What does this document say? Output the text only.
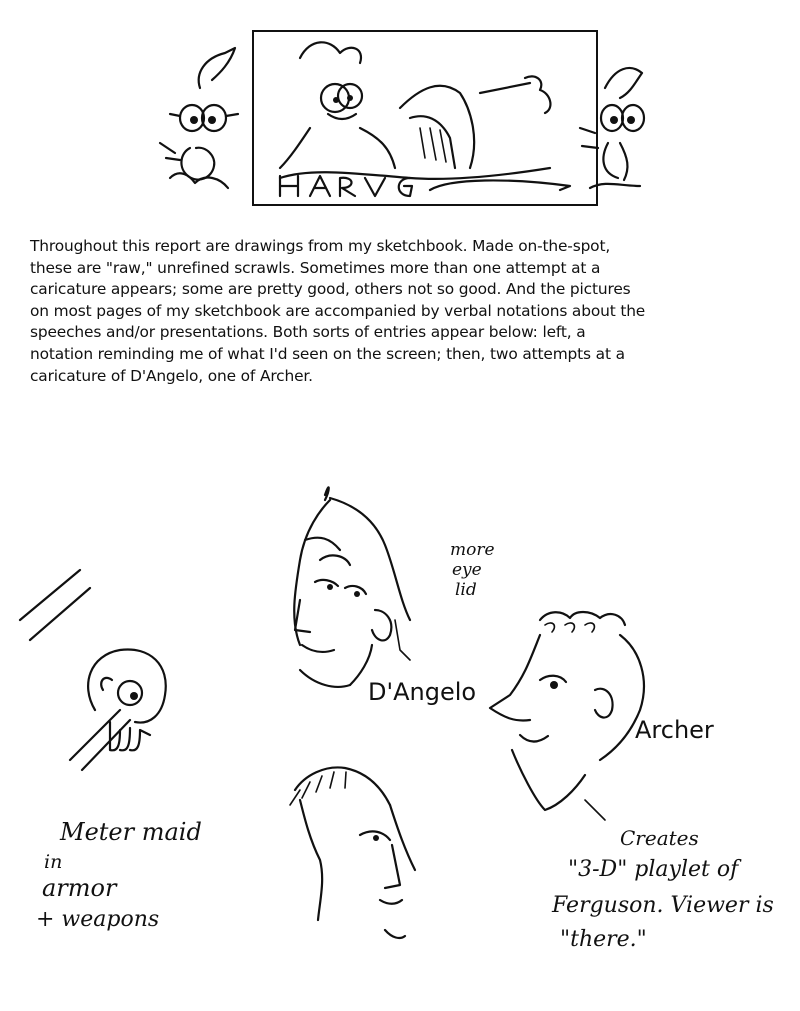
Throughout this report are drawings from my sketchbook. Made on-the-spot,
these are "raw," unrefined scrawls. Sometimes more than one attempt at a
caricature appears; some are pretty good, others not so good. And the pictures
on most pages of my sketchbook are accompanied by verbal notations about the
speeches and/or presentations. Both sorts of entries appear below: left, a
notation reminding me of what I'd seen on the screen; then, two attempts at a
caricature of D'Angelo, one of Archer.

more
eye
lid
D'Angelo
Archer
Meter maid
in
armor
+ weapons
Creates
"3-D" playlet of
Ferguson. Viewer is
"there."
